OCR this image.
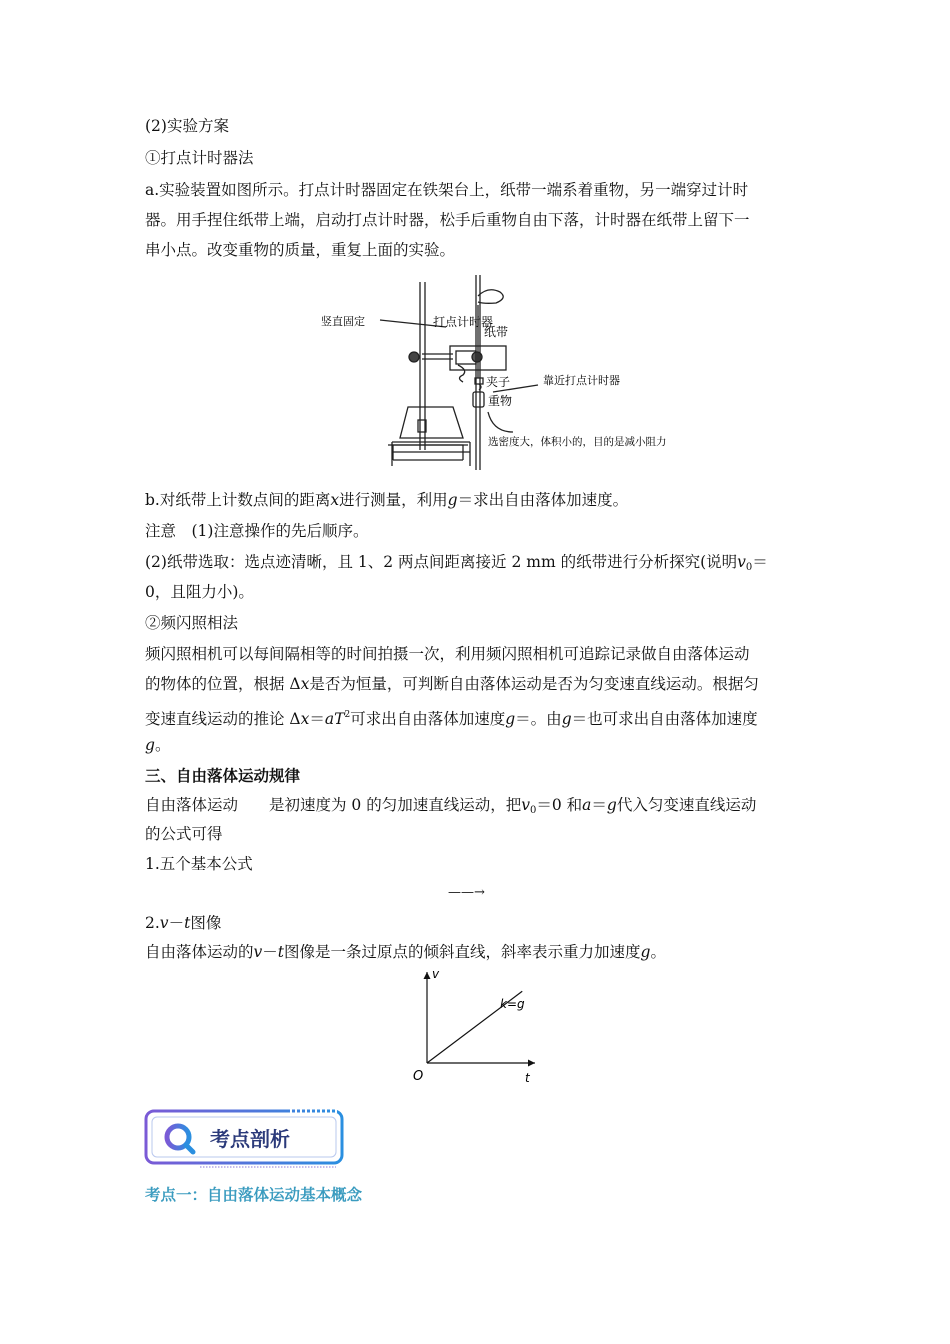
(2)实验方案
①打点计时器法
a.实验装置如图所示。打点计时器固定在铁架台上，纸带一端系着重物，另一端穿过计时
器。用手捏住纸带上端，启动打点计时器，松手后重物自由下落，计时器在纸带上留下一
串小点。改变重物的质量，重复上面的实验。
竖直固定	打点计时器
纸带
夹子
重物
靠近打点计时器
选密度大，体积小的，目的是减小阻力
b.对纸带上计数点间的距离x进行测量，利用g＝求出自由落体加速度。
注意　(1)注意操作的先后顺序。
(2)纸带选取：选点迹清晰，且 1、2 两点间距离接近 2 mm 的纸带进行分析探究(说明$v_0=$
0，且阻力小)。
②频闪照相法
频闪照相机可以每间隔相等的时间拍摄一次，利用频闪照相机可追踪记录做自由落体运动
的物体的位置，根据 Δx是否为恒量，可判断自由落体运动是否为匀变速直线运动。根据匀
变速直线运动的推论 $\Delta x=aT^2$可求出自由落体加速度g＝。由g＝也可求出自由落体加速度
g。
三、自由落体运动规律
自由落体运动　　是初速度为 0 的匀加速直线运动，把$v_0=0$ 和a＝g代入匀变速直线运动
的公式可得
1.五个基本公式
——→
2.v－t图像
自由落体运动的v－t图像是一条过原点的倾斜直线，斜率表示重力加速度g。
v
t
O
k=g
考点剖析
考点一：自由落体运动基本概念
